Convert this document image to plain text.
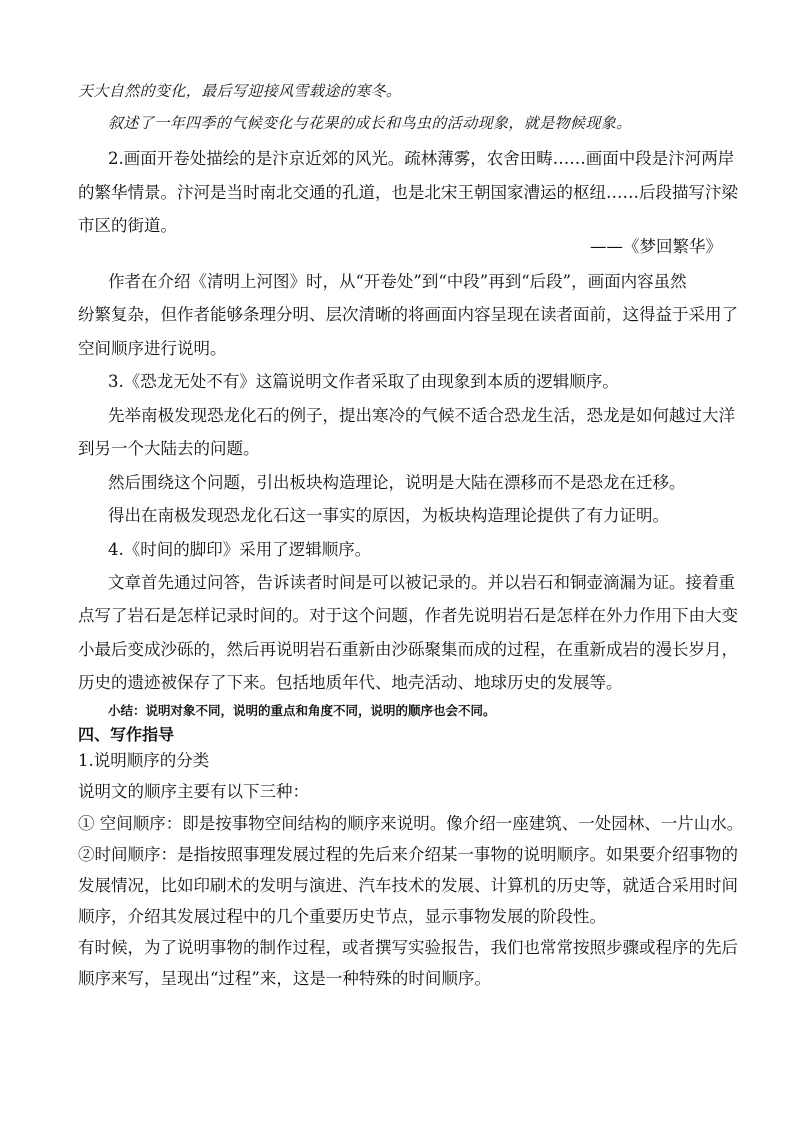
天大自然的变化，最后写迎接风雪载途的寒冬。
叙述了一年四季的气候变化与花果的成长和鸟虫的活动现象，就是物候现象。
2.画面开卷处描绘的是汴京近郊的风光。疏林薄雾，农舍田畴……画面中段是汴河两岸
的繁华情景。汴河是当时南北交通的孔道，也是北宋王朝国家漕运的枢纽……后段描写汴梁
市区的街道。
——《梦回繁华》
作者在介绍《清明上河图》时，从“开卷处”到“中段”再到“后段”，画面内容虽然
纷繁复杂，但作者能够条理分明、层次清晰的将画面内容呈现在读者面前，这得益于采用了
空间顺序进行说明。
3.《恐龙无处不有》这篇说明文作者采取了由现象到本质的逻辑顺序。
先举南极发现恐龙化石的例子，提出寒冷的气候不适合恐龙生活，恐龙是如何越过大洋
到另一个大陆去的问题。
然后围绕这个问题，引出板块构造理论，说明是大陆在漂移而不是恐龙在迁移。
得出在南极发现恐龙化石这一事实的原因，为板块构造理论提供了有力证明。
4.《时间的脚印》采用了逻辑顺序。
文章首先通过问答，告诉读者时间是可以被记录的。并以岩石和铜壶滴漏为证。接着重
点写了岩石是怎样记录时间的。对于这个问题，作者先说明岩石是怎样在外力作用下由大变
小最后变成沙砾的，然后再说明岩石重新由沙砾聚集而成的过程，在重新成岩的漫长岁月，
历史的遗迹被保存了下来。包括地质年代、地壳活动、地球历史的发展等。
小结：说明对象不同，说明的重点和角度不同，说明的顺序也会不同。
四、写作指导
1.说明顺序的分类
说明文的顺序主要有以下三种：
① 空间顺序：即是按事物空间结构的顺序来说明。像介绍一座建筑、一处园林、一片山水。
②时间顺序：是指按照事理发展过程的先后来介绍某一事物的说明顺序。如果要介绍事物的
发展情况，比如印刷术的发明与演进、汽车技术的发展、计算机的历史等，就适合采用时间
顺序，介绍其发展过程中的几个重要历史节点，显示事物发展的阶段性。
有时候，为了说明事物的制作过程，或者撰写实验报告，我们也常常按照步骤或程序的先后
顺序来写，呈现出“过程”来，这是一种特殊的时间顺序。
